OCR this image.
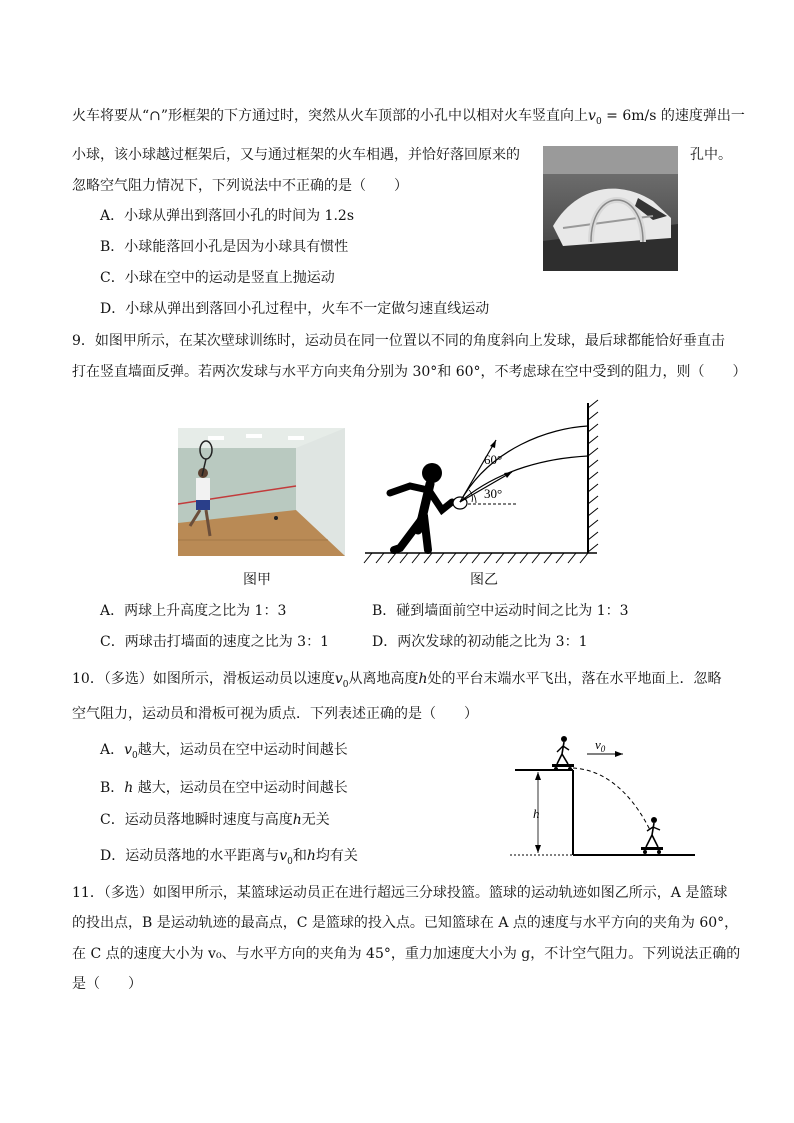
火车将要从“∩”形框架的下方通过时，突然从火车顶部的小孔中以相对火车竖直向上$v_0 = 6m/s$ 的速度弹出一
小球，该小球越过框架后，又与通过框架的火车相遇，并恰好落回原来的	孔中。
忽略空气阻力情况下，下列说法中不正确的是（　　）
A．小球从弹出到落回小孔的时间为 1.2s
B．小球能落回小孔是因为小球具有惯性
C．小球在空中的运动是竖直上抛运动
D．小球从弹出到落回小孔过程中，火车不一定做匀速直线运动
9．如图甲所示，在某次壁球训练时，运动员在同一位置以不同的角度斜向上发球，最后球都能恰好垂直击
打在竖直墙面反弹。若两次发球与水平方向夹角分别为 30°和 60°，不考虑球在空中受到的阻力，则（　　）
图甲
60°
30°
图乙
A．两球上升高度之比为 1：3	B．碰到墙面前空中运动时间之比为 1：3
C．两球击打墙面的速度之比为 3：1	D．两次发球的初动能之比为 3：1
10．（多选）如图所示，滑板运动员以速度$v_0$从离地高度h处的平台末端水平飞出，落在水平地面上．忽略
空气阻力，运动员和滑板可视为质点．下列表述正确的是（　　）
A．$v_0$越大，运动员在空中运动时间越长
B．h 越大，运动员在空中运动时间越长
C．运动员落地瞬时速度与高度h无关
D．运动员落地的水平距离与$v_0$和h均有关
h
$v_0$
11．（多选）如图甲所示，某篮球运动员正在进行超远三分球投篮。篮球的运动轨迹如图乙所示，A 是篮球
的投出点，B 是运动轨迹的最高点，C 是篮球的投入点。已知篮球在 A 点的速度与水平方向的夹角为 60°，
在 C 点的速度大小为 v₀、与水平方向的夹角为 45°，重力加速度大小为 g，不计空气阻力。下列说法正确的
是（　　）
